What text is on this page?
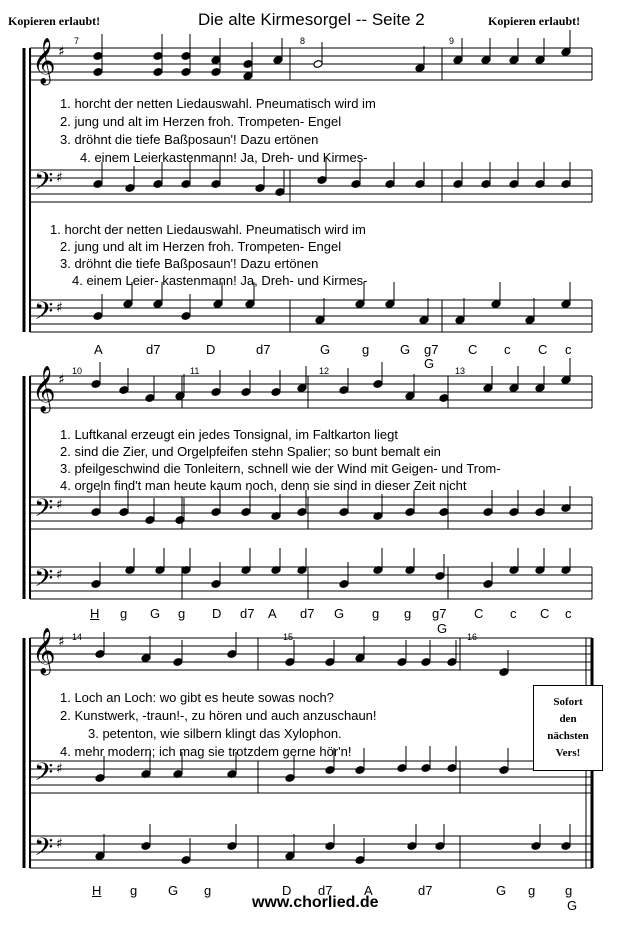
Kopieren erlaubt!	Die alte Kirmesorgel -- Seite 2	Kopieren erlaubt!
𝄞 ♯
𝄢 ♯
𝄢 ♯
𝄞 ♯
𝄢 ♯
𝄢 ♯
𝄞 ♯
𝄢 ♯
𝄢 ♯
7	8	9
1. horcht der netten Liedauswahl. Pneumatisch wird im
2. jung und alt im Herzen froh. Trompeten- Engel
3. dröhnt die tiefe Baßposaun'! Dazu ertönen
4. einem Leierkastenmann! Ja, Dreh- und Kirmes-
1. horcht der netten Liedauswahl. Pneumatisch wird im
2. jung und alt im Herzen froh. Trompeten- Engel
3. dröhnt die tiefe Baßposaun'! Dazu ertönen
4. einem Leier- kastenmann! Ja, Dreh- und Kirmes-
A	d7	D	d7	G g G g7 C c C c
G
10	11	12	13
1. Luftkanal erzeugt ein jedes Tonsignal, im Faltkarton liegt
2. sind die Zier, und Orgelpfeifen stehn Spalier; so bunt bemalt ein
3. pfeilgeschwind die Tonleitern, schnell wie der Wind mit Geigen- und Trom-
4. orgeln find't man heute kaum noch, denn sie sind in dieser Zeit nicht
H g G g D d7 A d7 G g g g7 C c C c
G
14	15	16
1. Loch an Loch: wo gibt es heute sowas noch?
2. Kunstwerk, -traun!-, zu hören und auch anzuschaun!
3. petenton, wie silbern klingt das Xylophon.
4. mehr modern; ich mag sie trotzdem gerne hör'n!
H g G g	D d7 A	d7	G g g
G
Sofort
den
nächsten
Vers!
www.chorlied.de
